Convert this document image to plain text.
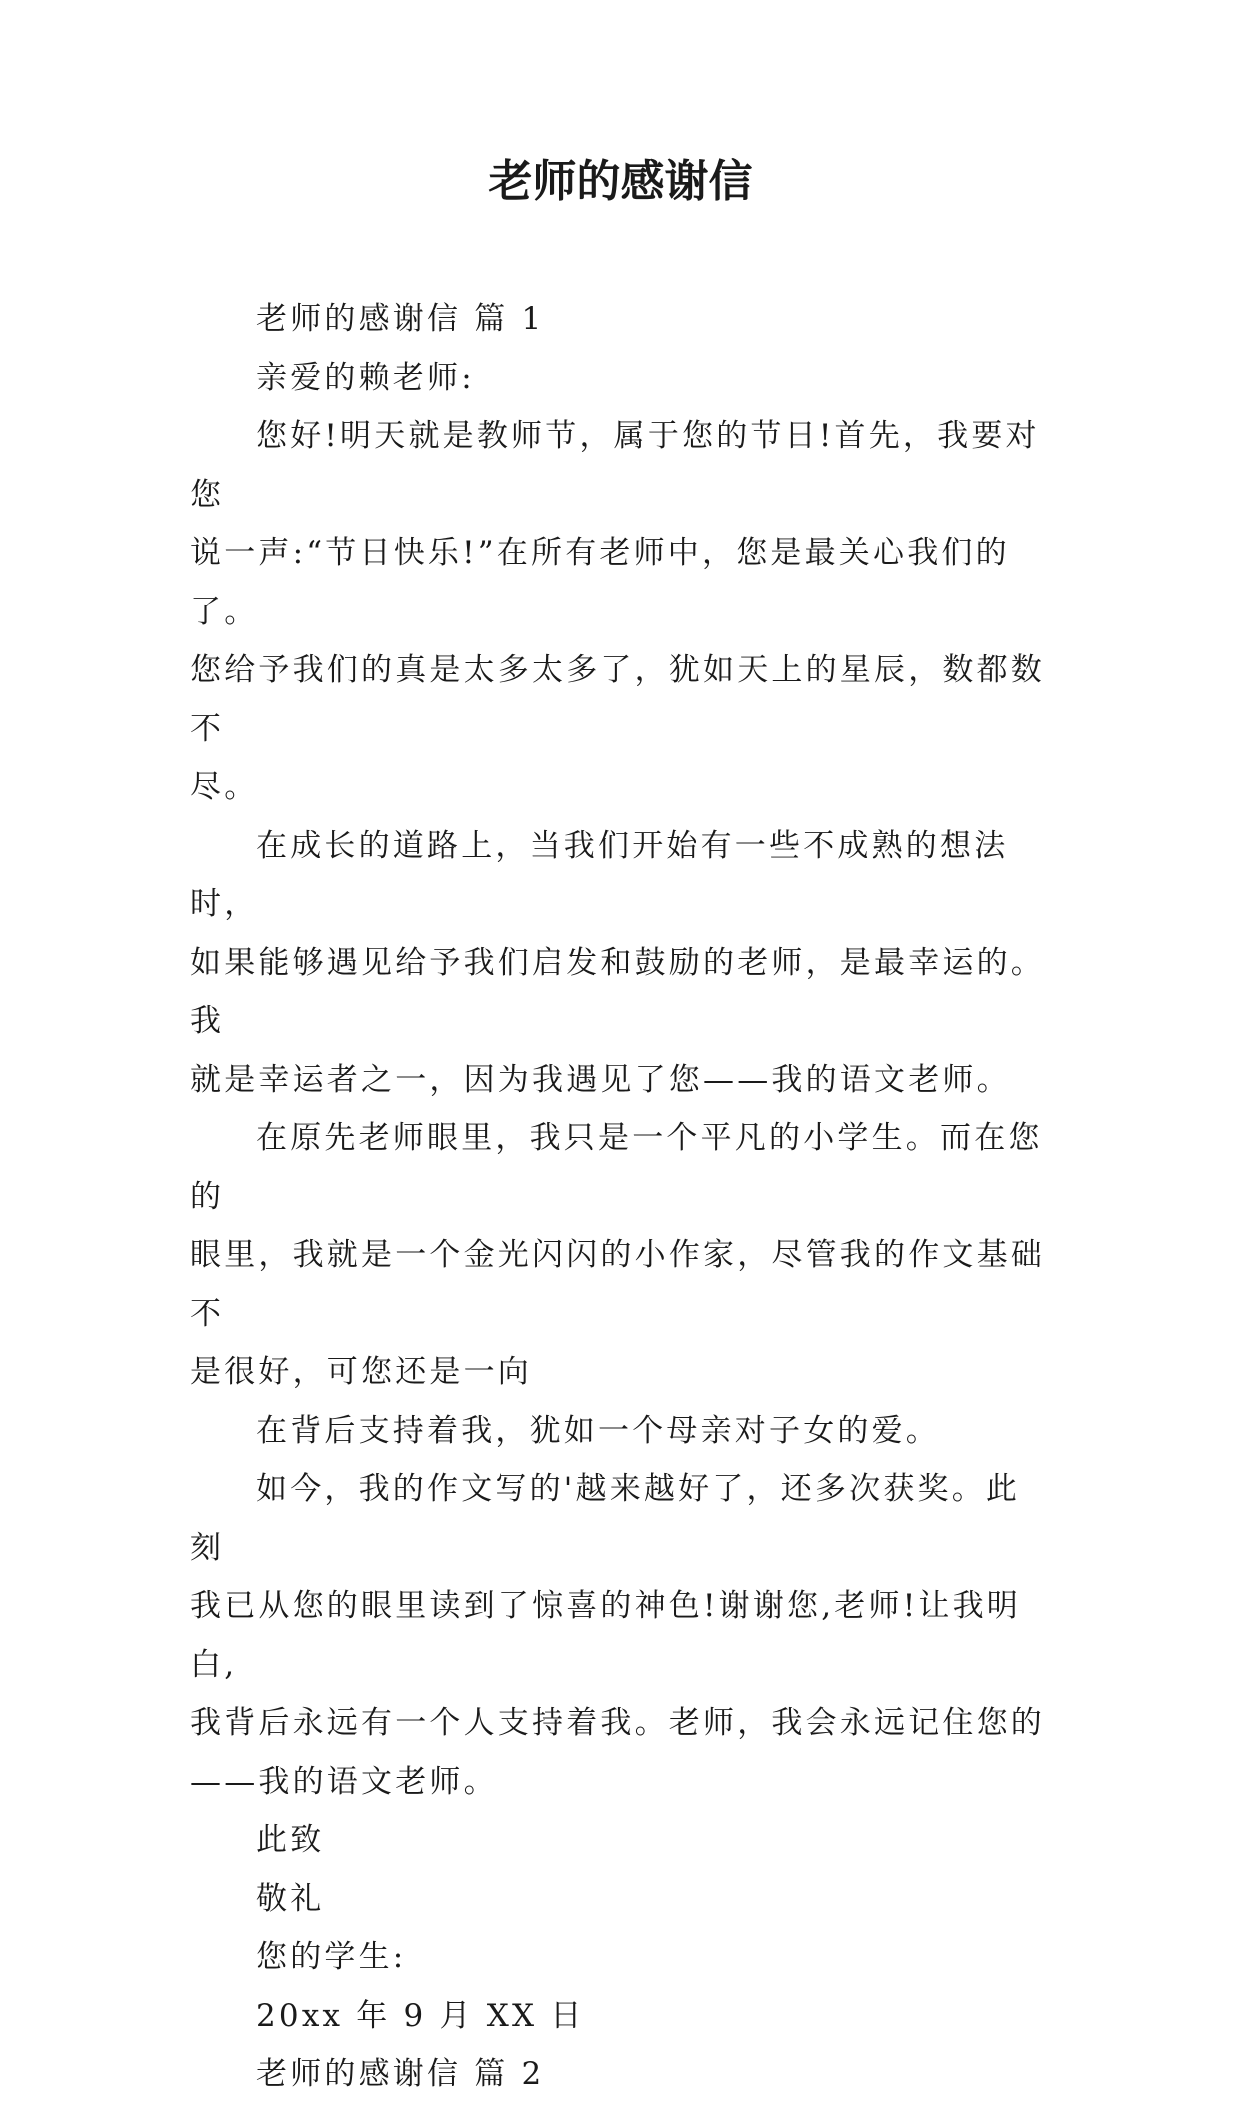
老师的感谢信

老师的感谢信 篇 1

亲爱的赖老师:

您好!明天就是教师节，属于您的节日!首先，我要对您
说一声:“节日快乐!”在所有老师中，您是最关心我们的了。
您给予我们的真是太多太多了，犹如天上的星辰，数都数不
尽。

在成长的道路上，当我们开始有一些不成熟的想法时，
如果能够遇见给予我们启发和鼓励的老师，是最幸运的。我
就是幸运者之一，因为我遇见了您——我的语文老师。

在原先老师眼里，我只是一个平凡的小学生。而在您的
眼里，我就是一个金光闪闪的小作家，尽管我的作文基础不
是很好，可您还是一向

在背后支持着我，犹如一个母亲对子女的爱。

如今，我的作文写的'越来越好了，还多次获奖。此刻
我已从您的眼里读到了惊喜的神色!谢谢您,老师!让我明白,
我背后永远有一个人支持着我。老师，我会永远记住您的
——我的语文老师。

此致

敬礼

您的学生:

20xx 年 9 月 XX 日

老师的感谢信 篇 2
